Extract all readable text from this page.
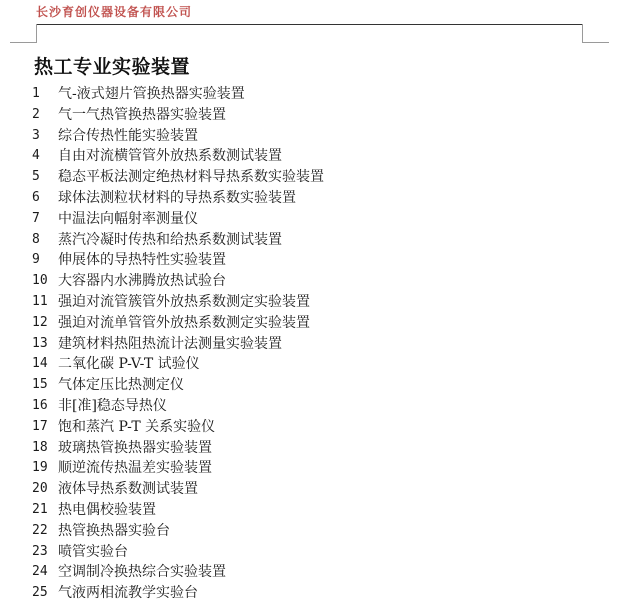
长沙育创仪器设备有限公司
热工专业实验装置
1	气-液式翅片管换热器实验装置
2	气一气热管换热器实验装置
3	综合传热性能实验装置
4	自由对流横管管外放热系数测试装置
5	稳态平板法测定绝热材料导热系数实验装置
6	球体法测粒状材料的导热系数实验装置
7	中温法向幅射率测量仪
8	蒸汽冷凝时传热和给热系数测试装置
9	伸展体的导热特性实验装置
10 大容器内水沸腾放热试验台
11 强迫对流管簇管外放热系数测定实验装置
12 强迫对流单管管外放热系数测定实验装置
13 建筑材料热阻热流计法测量实验装置
14 二氧化碳 P-V-T 试验仪
15 气体定压比热测定仪
16 非[准]稳态导热仪
17 饱和蒸汽 P-T 关系实验仪
18 玻璃热管换热器实验装置
19 顺逆流传热温差实验装置
20 液体导热系数测试装置
21 热电偶校验装置
22 热管换热器实验台
23 喷管实验台
24 空调制冷换热综合实验装置
25 气液两相流教学实验台
